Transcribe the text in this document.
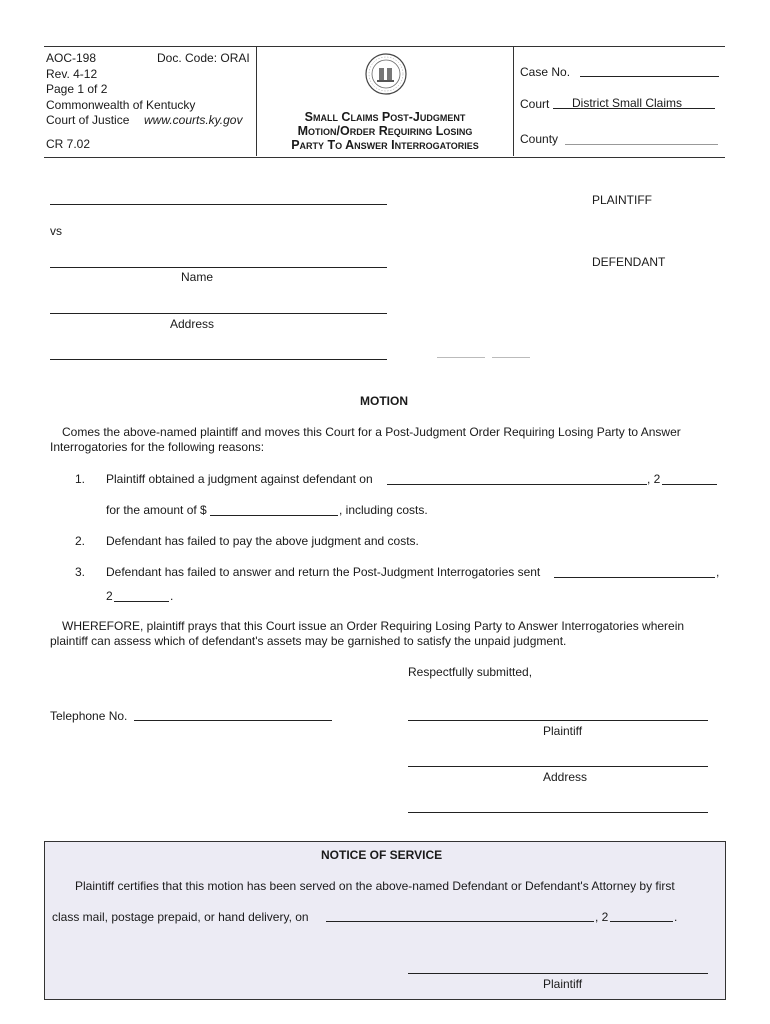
AOC-198	Doc. Code: ORAI
Rev. 4-12
Page 1 of 2
Commonwealth of Kentucky
Court of Justice www.courts.ky.gov
CR 7.02
Small Claims Post-Judgment
Motion/Order Requiring Losing
Party To Answer Interrogatories
Case No.
Court District Small Claims
County
PLAINTIFF
vs
DEFENDANT
Name
Address
MOTION
Comes the above-named plaintiff and moves this Court for a Post-Judgment Order Requiring Losing Party to Answer
Interrogatories for the following reasons:
1. Plaintiff obtained a judgment against defendant on	, 2
for the amount of $	, including costs.
2. Defendant has failed to pay the above judgment and costs.
3. Defendant has failed to answer and return the Post-Judgment Interrogatories sent	,
2	.
WHEREFORE, plaintiff prays that this Court issue an Order Requiring Losing Party to Answer Interrogatories wherein
plaintiff can assess which of defendant's assets may be garnished to satisfy the unpaid judgment.
Respectfully submitted,
Telephone No.
Plaintiff
Address
NOTICE OF SERVICE
Plaintiff certifies that this motion has been served on the above-named Defendant or Defendant's Attorney by first
class mail, postage prepaid, or hand delivery, on	, 2	.
Plaintiff
